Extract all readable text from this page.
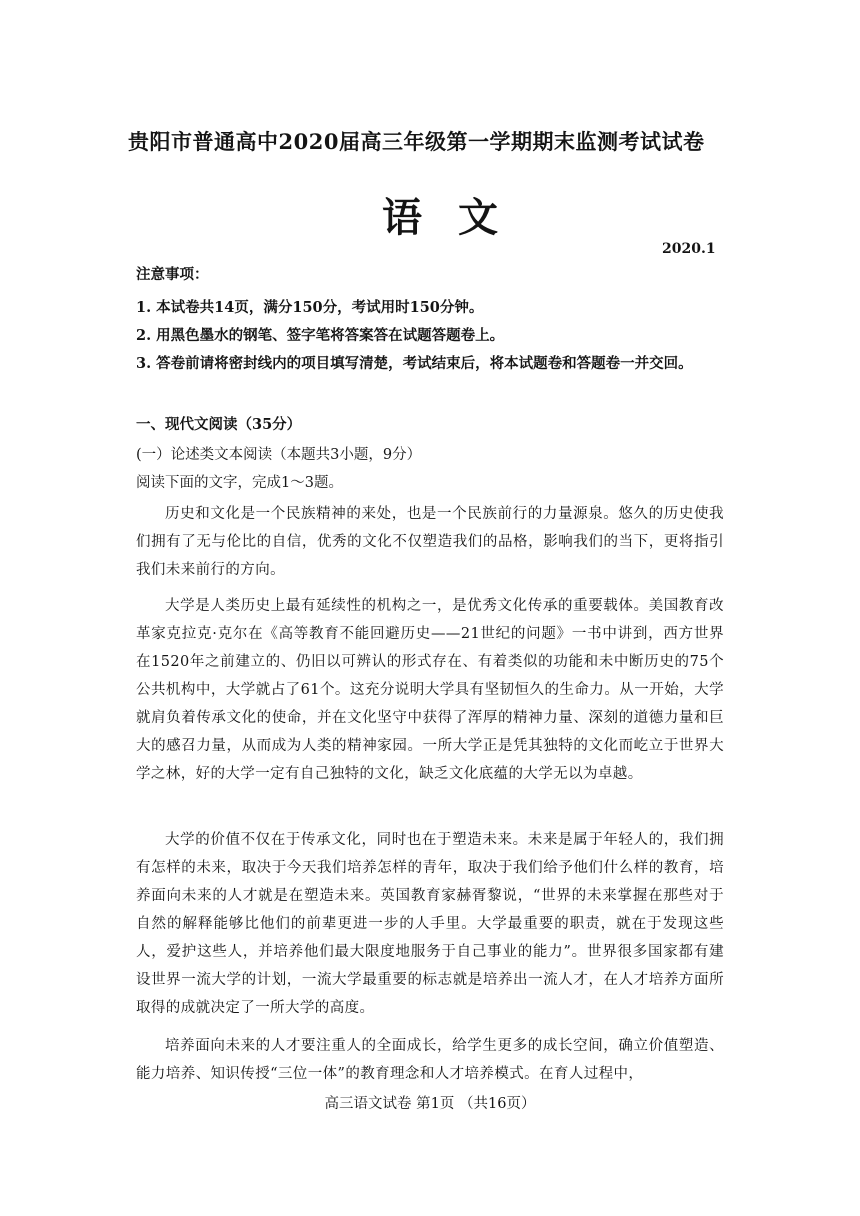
贵阳市普通高中2020届高三年级第一学期期末监测考试试卷
语文
2020.1
注意事项：
1. 本试卷共14页，满分150分，考试用时150分钟。
2. 用黑色墨水的钢笔、签字笔将答案答在试题答题卷上。
3. 答卷前请将密封线内的项目填写清楚，考试结束后，将本试题卷和答题卷一并交回。
一、现代文阅读（35分）
(一）论述类文本阅读（本题共3小题，9分）
阅读下面的文字，完成1～3题。

历史和文化是一个民族精神的来处，也是一个民族前行的力量源泉。悠久的历史使我们拥有了无与伦比的自信，优秀的文化不仅塑造我们的品格，影响我们的当下，更将指引我们未来前行的方向。

大学是人类历史上最有延续性的机构之一，是优秀文化传承的重要载体。美国教育改革家克拉克·克尔在《高等教育不能回避历史——21世纪的问题》一书中讲到，西方世界在1520年之前建立的、仍旧以可辨认的形式存在、有着类似的功能和未中断历史的75个公共机构中，大学就占了61个。这充分说明大学具有坚韧恒久的生命力。从一开始，大学就肩负着传承文化的使命，并在文化坚守中获得了浑厚的精神力量、深刻的道德力量和巨大的感召力量，从而成为人类的精神家园。一所大学正是凭其独特的文化而屹立于世界大学之林，好的大学一定有自己独特的文化，缺乏文化底蕴的大学无以为卓越。

大学的价值不仅在于传承文化，同时也在于塑造未来。未来是属于年轻人的，我们拥有怎样的未来，取决于今天我们培养怎样的青年，取决于我们给予他们什么样的教育，培养面向未来的人才就是在塑造未来。英国教育家赫胥黎说，“世界的未来掌握在那些对于自然的解释能够比他们的前辈更进一步的人手里。大学最重要的职责，就在于发现这些人，爱护这些人，并培养他们最大限度地服务于自己事业的能力”。世界很多国家都有建设世界一流大学的计划，一流大学最重要的标志就是培养出一流人才，在人才培养方面所取得的成就决定了一所大学的高度。

培养面向未来的人才要注重人的全面成长，给学生更多的成长空间，确立价值塑造、能力培养、知识传授“三位一体”的教育理念和人才培养模式。在育人过程中，

高三语文试卷 第1页 （共16页）
